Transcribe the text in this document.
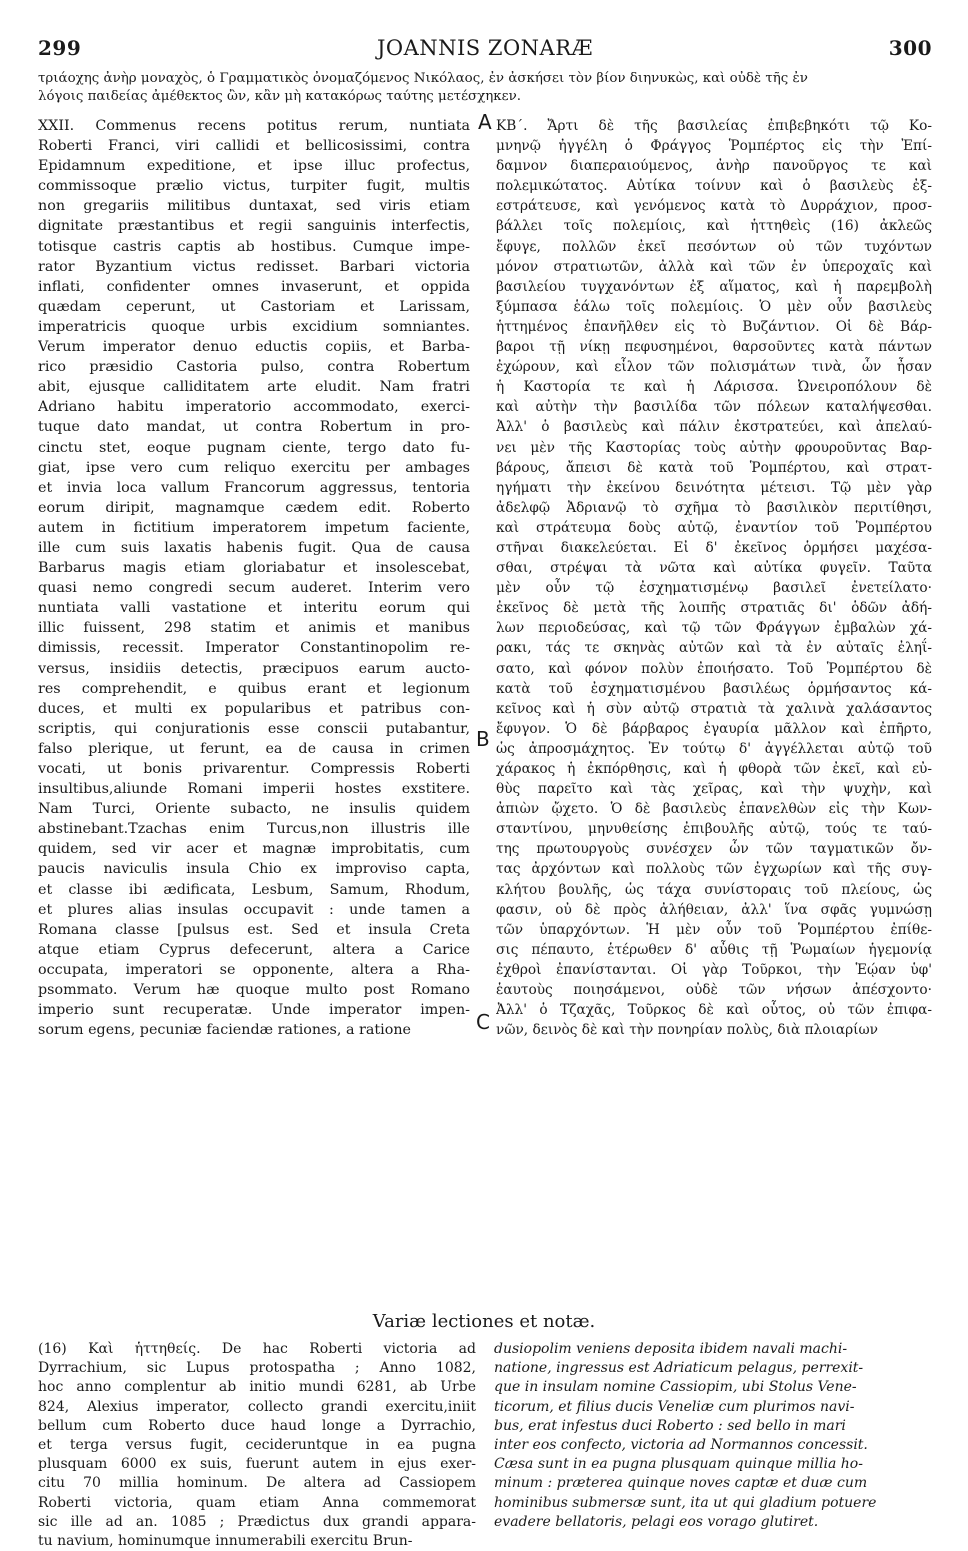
299	JOANNIS ZONARÆ	300
τριάοχης ἀνὴρ μοναχὸς, ὁ Γραμματικὸς ὀνομαζόμενος Νικόλαος, ἐν ἀσκήσει τὸν βίον διηνυκὼς, καὶ οὐδὲ τῆς ἐν
λόγοις παιδείας ἀμέθεκτος ὢν, κἂν μὴ κατακόρως ταύτης μετέσχηκεν.
XXII. Commenus recens potitus rerum, nuntiata
Roberti Franci, viri callidi et bellicosissimi, contra
Epidamnum expeditione, et ipse illuc profectus,
commissoque prælio victus, turpiter fugit, multis
non gregariis militibus duntaxat, sed viris etiam
dignitate præstantibus et regii sanguinis interfectis,
totisque castris captis ab hostibus. Cumque impe-
rator Byzantium victus redisset. Barbari victoria
inflati, confidenter omnes invaserunt, et oppida
quædam ceperunt, ut Castoriam et Larissam,
imperatricis quoque urbis excidium somniantes.
Verum imperator denuo eductis copiis, et Barba-
rico præsidio Castoria pulso, contra Robertum
abit, ejusque calliditatem arte eludit. Nam fratri
Adriano habitu imperatorio accommodato, exerci-
tuque dato mandat, ut contra Robertum in pro-
cinctu stet, eoque pugnam ciente, tergo dato fu-
giat, ipse vero cum reliquo exercitu per ambages
et invia loca vallum Francorum aggressus, tentoria
eorum diripit, magnamque cædem edit. Roberto
autem in fictitium imperatorem impetum faciente,
ille cum suis laxatis habenis fugit. Qua de causa
Barbarus magis etiam gloriabatur et insolescebat,
quasi nemo congredi secum auderet. Interim vero
nuntiata valli vastatione et interitu eorum qui
illic fuissent, 298 statim et animis et manibus
dimissis, recessit. Imperator Constantinopolim re-
versus, insidiis detectis, præcipuos earum aucto-
res comprehendit, e quibus erant et legionum
duces, et multi ex popularibus et patribus con-
scriptis, qui conjurationis esse conscii putabantur,
falso plerique, ut ferunt, ea de causa in crimen
vocati, ut bonis privarentur. Compressis Roberti
insultibus,aliunde Romani imperii hostes exstitere.
Nam Turci, Oriente subacto, ne insulis quidem
abstinebant.Tzachas enim Turcus,non illustris ille
quidem, sed vir acer et magnæ improbitatis, cum
paucis naviculis insula Chio ex improviso capta,
et classe ibi ædificata, Lesbum, Samum, Rhodum,
et plures alias insulas occupavit : unde tamen a
Romana classe [pulsus est. Sed et insula Creta
atque etiam Cyprus defecerunt, altera a Carice
occupata, imperatori se opponente, altera a Rha-
psommato. Verum hæ quoque multo post Romano
imperio sunt recuperatæ. Unde imperator impen-
sorum egens, pecuniæ faciendæ rationes, a ratione
ΚΒ΄. Ἄρτι δὲ τῆς βασιλείας ἐπιβεβηκότι τῷ Κο-
μνηνῷ ἠγγέλη ὁ Φράγγος Ῥομπέρτος εἰς τὴν Ἐπί-
δαμνον διαπεραιούμενος, ἀνὴρ πανοῦργος τε καὶ
πολεμικώτατος. Αὐτίκα τοίνυν καὶ ὁ βασιλεὺς ἐξ-
εστράτευσε, καὶ γενόμενος κατὰ τὸ Δυρράχιον, προσ-
βάλλει τοῖς πολεμίοις, καὶ ἡττηθεὶς (16) ἀκλεῶς
ἔφυγε, πολλῶν ἐκεῖ πεσόντων οὐ τῶν τυχόντων
μόνον στρατιωτῶν, ἀλλὰ καὶ τῶν ἐν ὑπεροχαῖς καὶ
βασιλείου τυγχανόντων ἐξ αἵματος, καὶ ἡ παρεμβολὴ
ξύμπασα ἑάλω τοῖς πολεμίοις. Ὁ μὲν οὖν βασιλεὺς
ἡττημένος ἐπανῆλθεν εἰς τὸ Βυζάντιον. Οἱ δὲ Βάρ-
βαροι τῇ νίκῃ πεφυσημένοι, θαρσοῦντες κατὰ πάντων
ἐχώρουν, καὶ εἷλον τῶν πολισμάτων τινὰ, ὧν ἦσαν
ἡ Καστορία τε καὶ ἡ Λάρισσα. Ὠνειροπόλουν δὲ
καὶ αὐτὴν τὴν βασιλίδα τῶν πόλεων καταλήψεσθαι.
Ἀλλ' ὁ βασιλεὺς καὶ πάλιν ἐκστρατεύει, καὶ ἀπελαύ-
νει μὲν τῆς Καστορίας τοὺς αὐτὴν φρουροῦντας Βαρ-
βάρους, ἄπεισι δὲ κατὰ τοῦ Ῥομπέρτου, καὶ στρατ-
ηγήματι τὴν ἐκείνου δεινότητα μέτεισι. Τῷ μὲν γὰρ
ἀδελφῷ Ἀδριανῷ τὸ σχῆμα τὸ βασιλικὸν περιτίθησι,
καὶ στράτευμα δοὺς αὐτῷ, ἐναντίον τοῦ Ῥομπέρτου
στῆναι διακελεύεται. Εἰ δ' ἐκεῖνος ὁρμήσει μαχέσα-
σθαι, στρέψαι τὰ νῶτα καὶ αὐτίκα φυγεῖν. Ταῦτα
μὲν οὖν τῷ ἐσχηματισμένῳ βασιλεῖ ἐνετείλατο·
ἐκεῖνος δὲ μετὰ τῆς λοιπῆς στρατιᾶς δι' ὁδῶν ἀδή-
λων περιοδεύσας, καὶ τῷ τῶν Φράγγων ἐμβαλὼν χά-
ρακι, τάς τε σκηνὰς αὐτῶν καὶ τὰ ἐν αὐταῖς ἐληΐ-
σατο, καὶ φόνον πολὺν ἐποιήσατο. Τοῦ Ῥομπέρτου δὲ
κατὰ τοῦ ἐσχηματισμένου βασιλέως ὁρμήσαντος κά-
κεῖνος καὶ ἡ σὺν αὐτῷ στρατιὰ τὰ χαλινὰ χαλάσαντος
ἔφυγον. Ὁ δὲ βάρβαρος ἐγαυρία μᾶλλον καὶ ἐπῆρτο,
ὡς ἀπροσμάχητος. Ἐν τούτῳ δ' ἀγγέλλεται αὐτῷ τοῦ
χάρακος ἡ ἐκπόρθησις, καὶ ἡ φθορὰ τῶν ἐκεῖ, καὶ εὐ-
θὺς παρεῖτο καὶ τὰς χεῖρας, καὶ τὴν ψυχὴν, καὶ
ἀπιὼν ᾤχετο. Ὁ δὲ βασιλεὺς ἐπανελθὼν εἰς τὴν Κων-
σταντίνου, μηνυθείσης ἐπιβουλῆς αὐτῷ, τούς τε ταύ-
της πρωτουργοὺς συνέσχεν ὧν τῶν ταγματικῶν ὄν-
τας ἀρχόντων καὶ πολλοὺς τῶν ἐγχωρίων καὶ τῆς συγ-
κλήτου βουλῆς, ὡς τάχα συνίστοραις τοῦ πλείους, ὡς
φασιν, οὐ δὲ πρὸς ἀλήθειαν, ἀλλ' ἵνα σφᾶς γυμνώσῃ
τῶν ὑπαρχόντων. Ἡ μὲν οὖν τοῦ Ῥομπέρτου ἐπίθε-
σις πέπαυτο, ἑτέρωθεν δ' αὖθις τῇ Ῥωμαίων ἡγεμονίᾳ
ἐχθροὶ ἐπανίστανται. Οἱ γὰρ Τοῦρκοι, τὴν Ἑῴαν ὑφ'
ἑαυτοὺς ποιησάμενοι, οὐδὲ τῶν νήσων ἀπέσχοντο·
Ἀλλ' ὁ Τζαχᾶς, Τοῦρκος δὲ καὶ οὗτος, οὐ τῶν ἐπιφα-
νῶν, δεινὸς δὲ καὶ τὴν πονηρίαν πολὺς, διὰ πλοιαρίων
A
B
C
Variæ lectiones et notæ.
(16) Καὶ ἡττηθείς. De hac Roberti victoria ad
Dyrrachium, sic Lupus protospatha ; Anno 1082,
hoc anno complentur ab initio mundi 6281, ab Urbe
824, Alexius imperator, collecto grandi exercitu,iniit
bellum cum Roberto duce haud longe a Dyrrachio,
et terga versus fugit, cecideruntque in ea pugna
plusquam 6000 ex suis, fuerunt autem in ejus exer-
citu 70 millia hominum. De altera ad Cassiopem
Roberti victoria, quam etiam Anna commemorat
sic ille ad an. 1085 ; Prædictus dux grandi appara-
tu navium, hominumque innumerabili exercitu Brun-
dusiopolim veniens deposita ibidem navali machi-
natione, ingressus est Adriaticum pelagus, perrexit-
que in insulam nomine Cassiopim, ubi Stolus Vene-
ticorum, et filius ducis Veneliæ cum plurimos navi-
bus, erat infestus duci Roberto : sed bello in mari
inter eos confecto, victoria ad Normannos concessit.
Cæsa sunt in ea pugna plusquam quinque millia ho-
minum : præterea quinque noves captæ et duæ cum
hominibus submersæ sunt, ita ut qui gladium potuere
evadere bellatoris, pelagi eos vorago glutiret.
